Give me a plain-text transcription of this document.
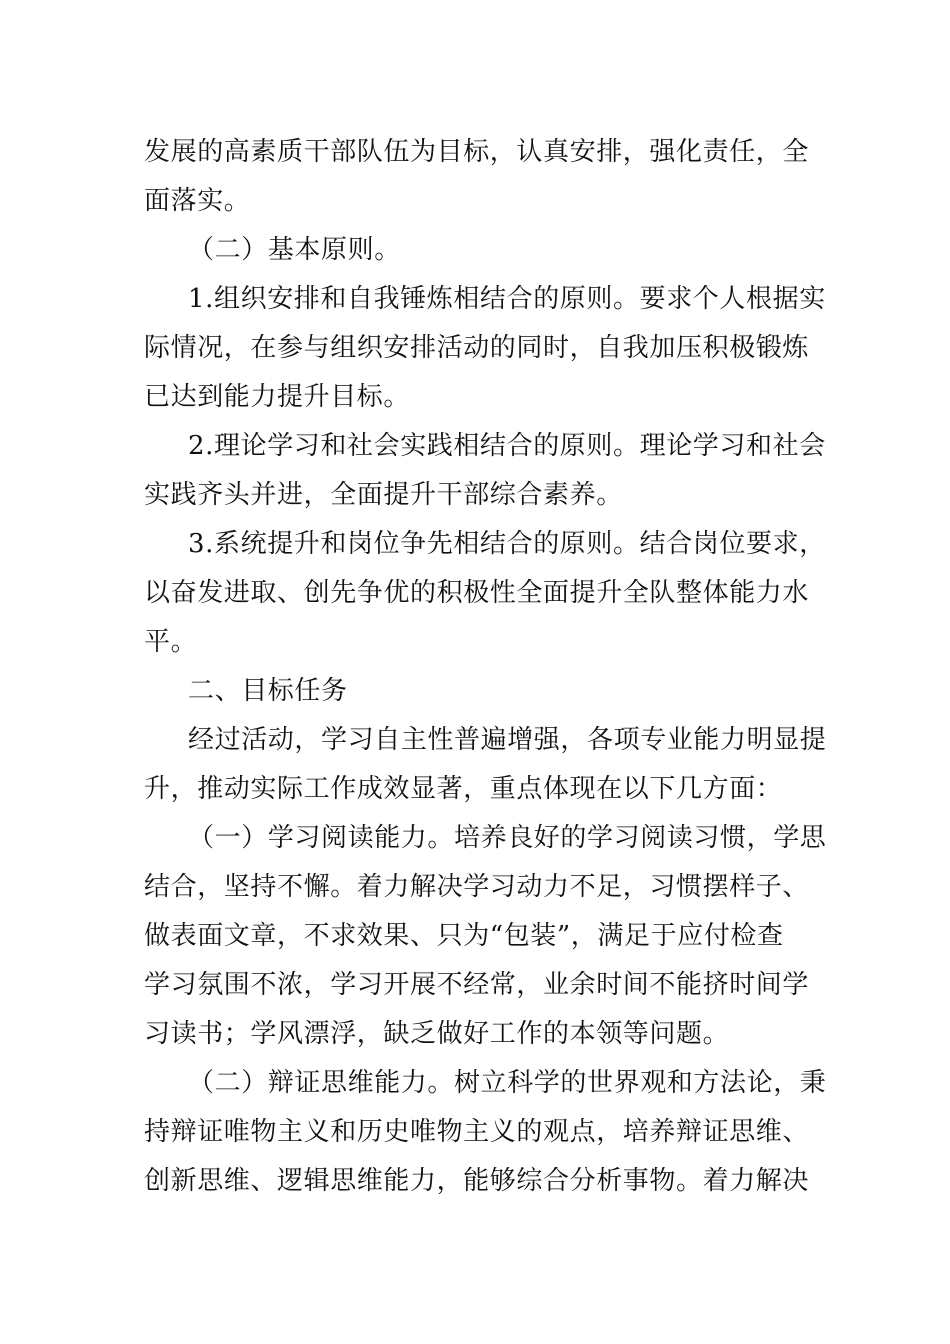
发展的高素质干部队伍为目标，认真安排，强化责任，全
面落实。
（二）基本原则。
1.组织安排和自我锤炼相结合的原则。要求个人根据实
际情况，在参与组织安排活动的同时，自我加压积极锻炼
已达到能力提升目标。
2.理论学习和社会实践相结合的原则。理论学习和社会
实践齐头并进，全面提升干部综合素养。
3.系统提升和岗位争先相结合的原则。结合岗位要求，
以奋发进取、创先争优的积极性全面提升全队整体能力水
平。
二、目标任务
经过活动，学习自主性普遍增强，各项专业能力明显提
升，推动实际工作成效显著，重点体现在以下几方面：
（一）学习阅读能力。培养良好的学习阅读习惯，学思
结合，坚持不懈。着力解决学习动力不足，习惯摆样子、
做表面文章，不求效果、只为“包装”，满足于应付检查
学习氛围不浓，学习开展不经常，业余时间不能挤时间学
习读书；学风漂浮，缺乏做好工作的本领等问题。
（二）辩证思维能力。树立科学的世界观和方法论，秉
持辩证唯物主义和历史唯物主义的观点，培养辩证思维、
创新思维、逻辑思维能力，能够综合分析事物。着力解决
